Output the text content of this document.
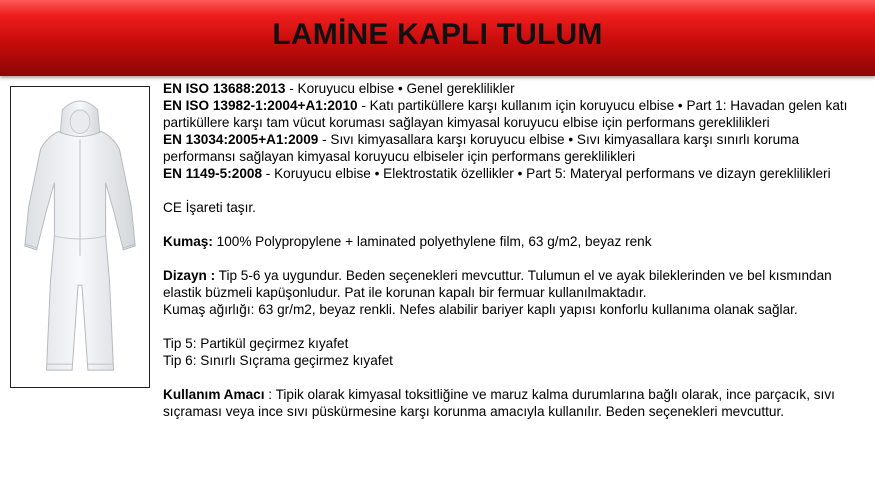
LAMİNE KAPLI TULUM

EN ISO 13688:2013 - Koruyucu elbise • Genel gereklilikler

EN ISO 13982-1:2004+A1:2010 - Katı partiküllere karşı kullanım için koruyucu elbise • Part 1: Havadan gelen katı partiküllere karşı tam vücut koruması sağlayan kimyasal koruyucu elbise için performans gereklilikleri

EN 13034:2005+A1:2009 - Sıvı kimyasallara karşı koruyucu elbise • Sıvı kimyasallara karşı sınırlı koruma performansı sağlayan kimyasal koruyucu elbiseler için performans gereklilikleri

EN 1149-5:2008 - Koruyucu elbise • Elektrostatik özellikler • Part 5: Materyal performans ve dizayn gereklilikleri

CE İşareti taşır.

Kumaş: 100% Polypropylene + laminated polyethylene film, 63 g/m2, beyaz renk

Dizayn : Tip 5-6 ya uygundur. Beden seçenekleri mevcuttur. Tulumun el ve ayak bileklerinden ve bel kısmından elastik büzmeli kapüşonludur. Pat ile korunan kapalı bir fermuar kullanılmaktadır.

Kumaş ağırlığı: 63 gr/m2, beyaz renkli. Nefes alabilir bariyer kaplı yapısı konforlu kullanıma olanak sağlar.

Tip 5: Partikül geçirmez kıyafet

Tip 6: Sınırlı Sıçrama geçirmez kıyafet

Kullanım Amacı : Tipik olarak kimyasal toksitliğine ve maruz kalma durumlarına bağlı olarak, ince parçacık, sıvı sıçraması veya ince sıvı püskürmesine karşı korunma amacıyla kullanılır. Beden seçenekleri mevcuttur.
